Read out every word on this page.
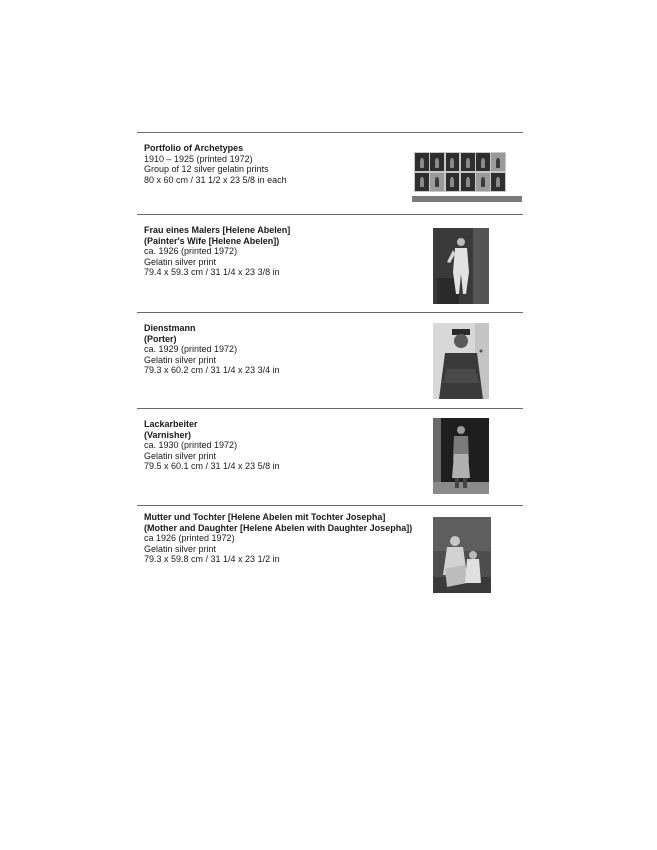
Portfolio of Archetypes
1910 – 1925 (printed 1972)
Group of 12 silver gelatin prints
80 x 60 cm / 31 1/2 x 23 5/8 in each
Frau eines Malers [Helene Abelen]
(Painter's Wife [Helene Abelen])
ca. 1926 (printed 1972)
Gelatin silver print
79.4 x 59.3 cm / 31 1/4 x 23 3/8 in
Dienstmann
(Porter)
ca. 1929 (printed 1972)
Gelatin silver print
79.3 x 60.2 cm / 31 1/4 x 23 3/4 in
Lackarbeiter
(Varnisher)
ca. 1930 (printed 1972)
Gelatin silver print
79.5 x 60.1 cm / 31 1/4 x 23 5/8 in
Mutter und Tochter [Helene Abelen mit Tochter Josepha]
(Mother and Daughter [Helene Abelen with Daughter Josepha])
ca 1926 (printed 1972)
Gelatin silver print
79.3 x 59.8 cm / 31 1/4 x 23 1/2 in
